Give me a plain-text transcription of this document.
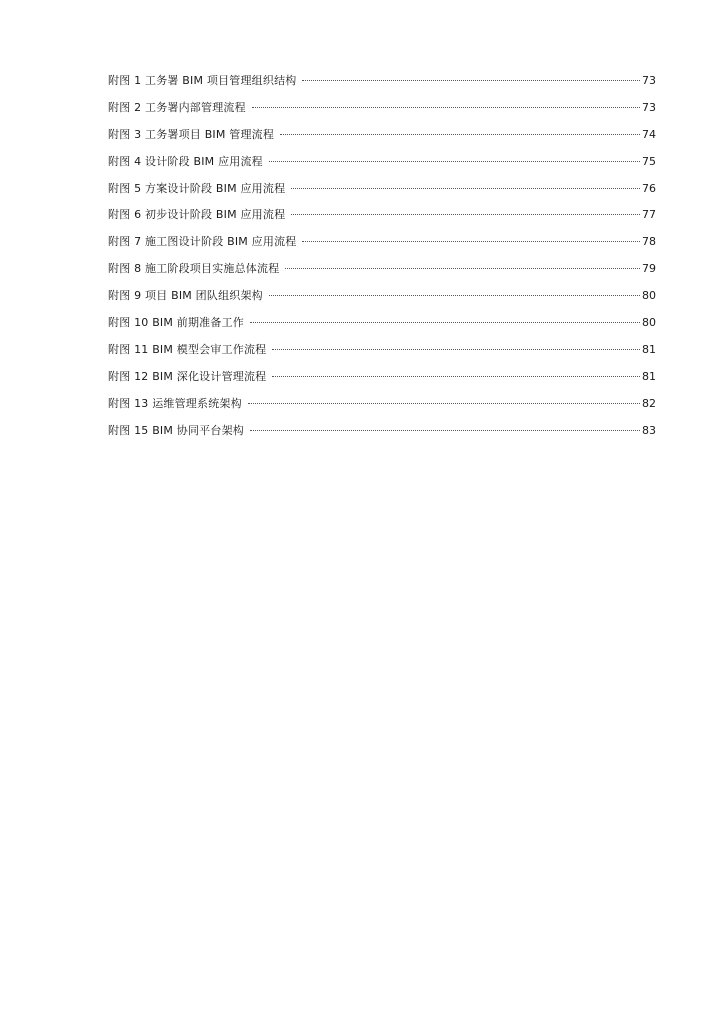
附图 1 工务署 BIM 项目管理组织结构	73
附图 2 工务署内部管理流程	73
附图 3 工务署项目 BIM 管理流程	74
附图 4 设计阶段 BIM 应用流程	75
附图 5 方案设计阶段 BIM 应用流程	76
附图 6 初步设计阶段 BIM 应用流程	77
附图 7 施工图设计阶段 BIM 应用流程	78
附图 8 施工阶段项目实施总体流程	79
附图 9 项目 BIM 团队组织架构	80
附图 10 BIM 前期准备工作	80
附图 11 BIM 模型会审工作流程	81
附图 12 BIM 深化设计管理流程	81
附图 13 运维管理系统架构	82
附图 15 BIM 协同平台架构	83
